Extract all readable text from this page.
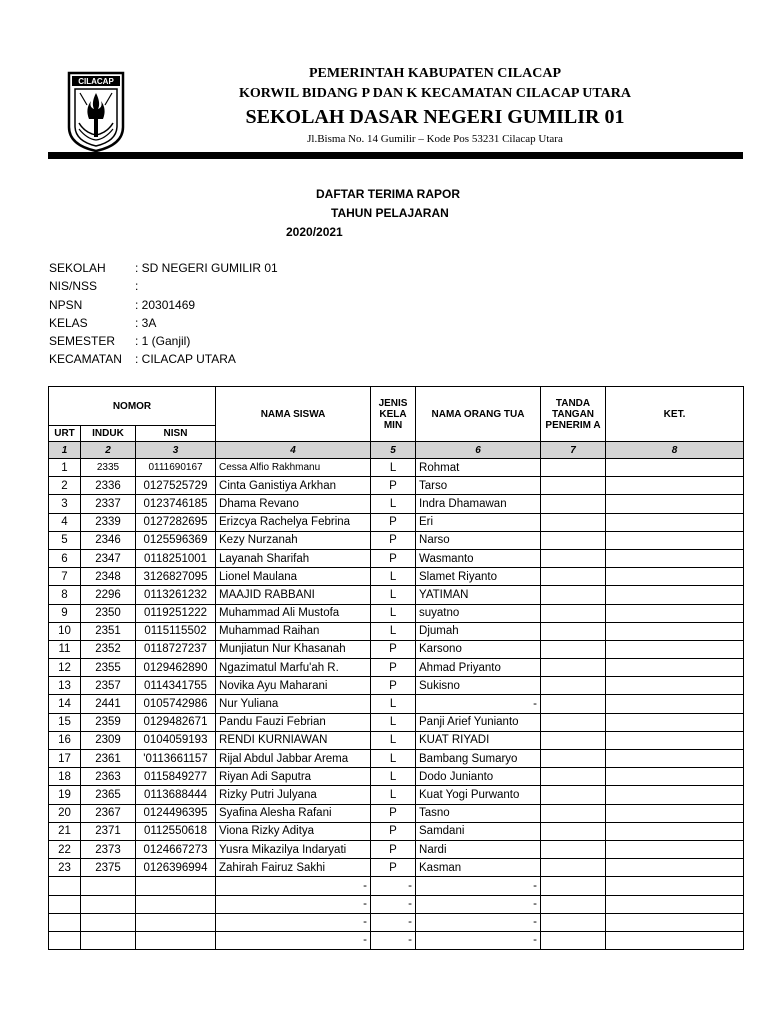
CILACAP
PEMERINTAH KABUPATEN CILACAP
KORWIL BIDANG P DAN K KECAMATAN CILACAP UTARA
SEKOLAH DASAR NEGERI GUMILIR 01
Jl.Bisma No. 14 Gumilir – Kode Pos 53231 Cilacap Utara
DAFTAR TERIMA RAPOR
TAHUN PELAJARAN
2020/2021
SEKOLAH : SD NEGERI GUMILIR 01
NIS/NSS	:
NPSN	: 20301469
KELAS	: 3A
SEMESTER : 1 (Ganjil)
KECAMATAN : CILACAP UTARA
NOMOR			NAMA SISWA	JENIS KELA MIN	NAMA ORANG TUA	TANDA TANGAN PENERIM A	KET.
URT	INDUK	NISN					
1	2	3	4	5	6	7	8
1	2335	0111690167	Cessa Alfio Rakhmanu	L	Rohmat		
2	2336	0127525729	Cinta Ganistiya Arkhan	P	Tarso		
3	2337	0123746185	Dhama Revano	L	Indra Dhamawan		
4	2339	0127282695	Erizcya Rachelya Febrina	P	Eri		
5	2346	0125596369	Kezy Nurzanah	P	Narso		
6	2347	0118251001	Layanah Sharifah	P	Wasmanto		
7	2348	3126827095	Lionel Maulana	L	Slamet Riyanto		
8	2296	0113261232	MAAJID RABBANI	L	YATIMAN		
9	2350	0119251222	Muhammad Ali Mustofa	L	suyatno		
10	2351	0115115502	Muhammad Raihan	L	Djumah		
11	2352	0118727237	Munjiatun Nur Khasanah	P	Karsono		
12	2355	0129462890	Ngazimatul Marfu'ah R.	P	Ahmad Priyanto		
13	2357	0114341755	Novika Ayu Maharani	P	Sukisno		
14	2441	0105742986	Nur Yuliana	L	-		
15	2359	0129482671	Pandu Fauzi Febrian	L	Panji Arief Yunianto		
16	2309	0104059193	RENDI KURNIAWAN	L	KUAT RIYADI		
17	2361	'0113661157	Rijal Abdul Jabbar Arema	L	Bambang Sumaryo		
18	2363	0115849277	Riyan Adi Saputra	L	Dodo Junianto		
19	2365	0113688444	Rizky Putri Julyana	L	Kuat Yogi Purwanto		
20	2367	0124496395	Syafina Alesha Rafani	P	Tasno		
21	2371	0112550618	Viona Rizky Aditya	P	Samdani		
22	2373	0124667273	Yusra Mikazilya Indaryati	P	Nardi		
23	2375	0126396994	Zahirah Fairuz Sakhi	P	Kasman		
			-	-	-		
			-	-	-		
			-	-	-		
			-	-	-		
